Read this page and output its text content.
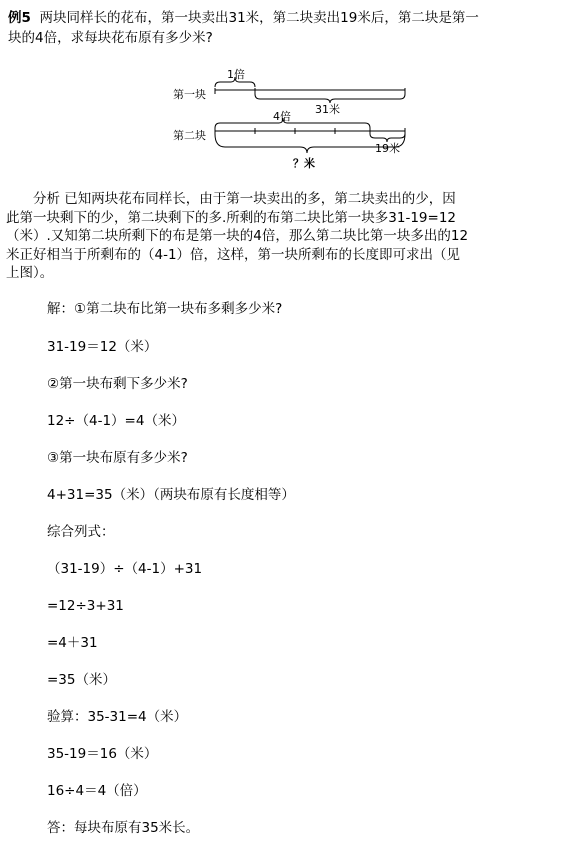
例5 两块同样长的花布，第一块卖出31米，第二块卖出19米后，第二块是第一
块的4倍，求每块花布原有多少米?
第一块
第二块
1倍
31米
4倍
19米
？米

　　分析 已知两块花布同样长，由于第一块卖出的多，第二块卖出的少，因

此第一块剩下的少，第二块剩下的多.所剩的布第二块比第一块多31-19=12

（米）.又知第二块所剩下的布是第一块的4倍，那么第二块比第一块多出的12

米正好相当于所剩布的（4-1）倍，这样，第一块所剩布的长度即可求出（见

上图）。

解：①第二块布比第一块布多剩多少米?

31-19＝12（米）

②第一块布剩下多少米?

12÷（4-1）=4（米）

③第一块布原有多少米?

4+31=35（米）（两块布原有长度相等）

综合列式：

（31-19）÷（4-1）+31

=12÷3+31

=4＋31

=35（米）

验算：35-31=4（米）

35-19＝16（米）

16÷4＝4（倍）

答：每块布原有35米长。
